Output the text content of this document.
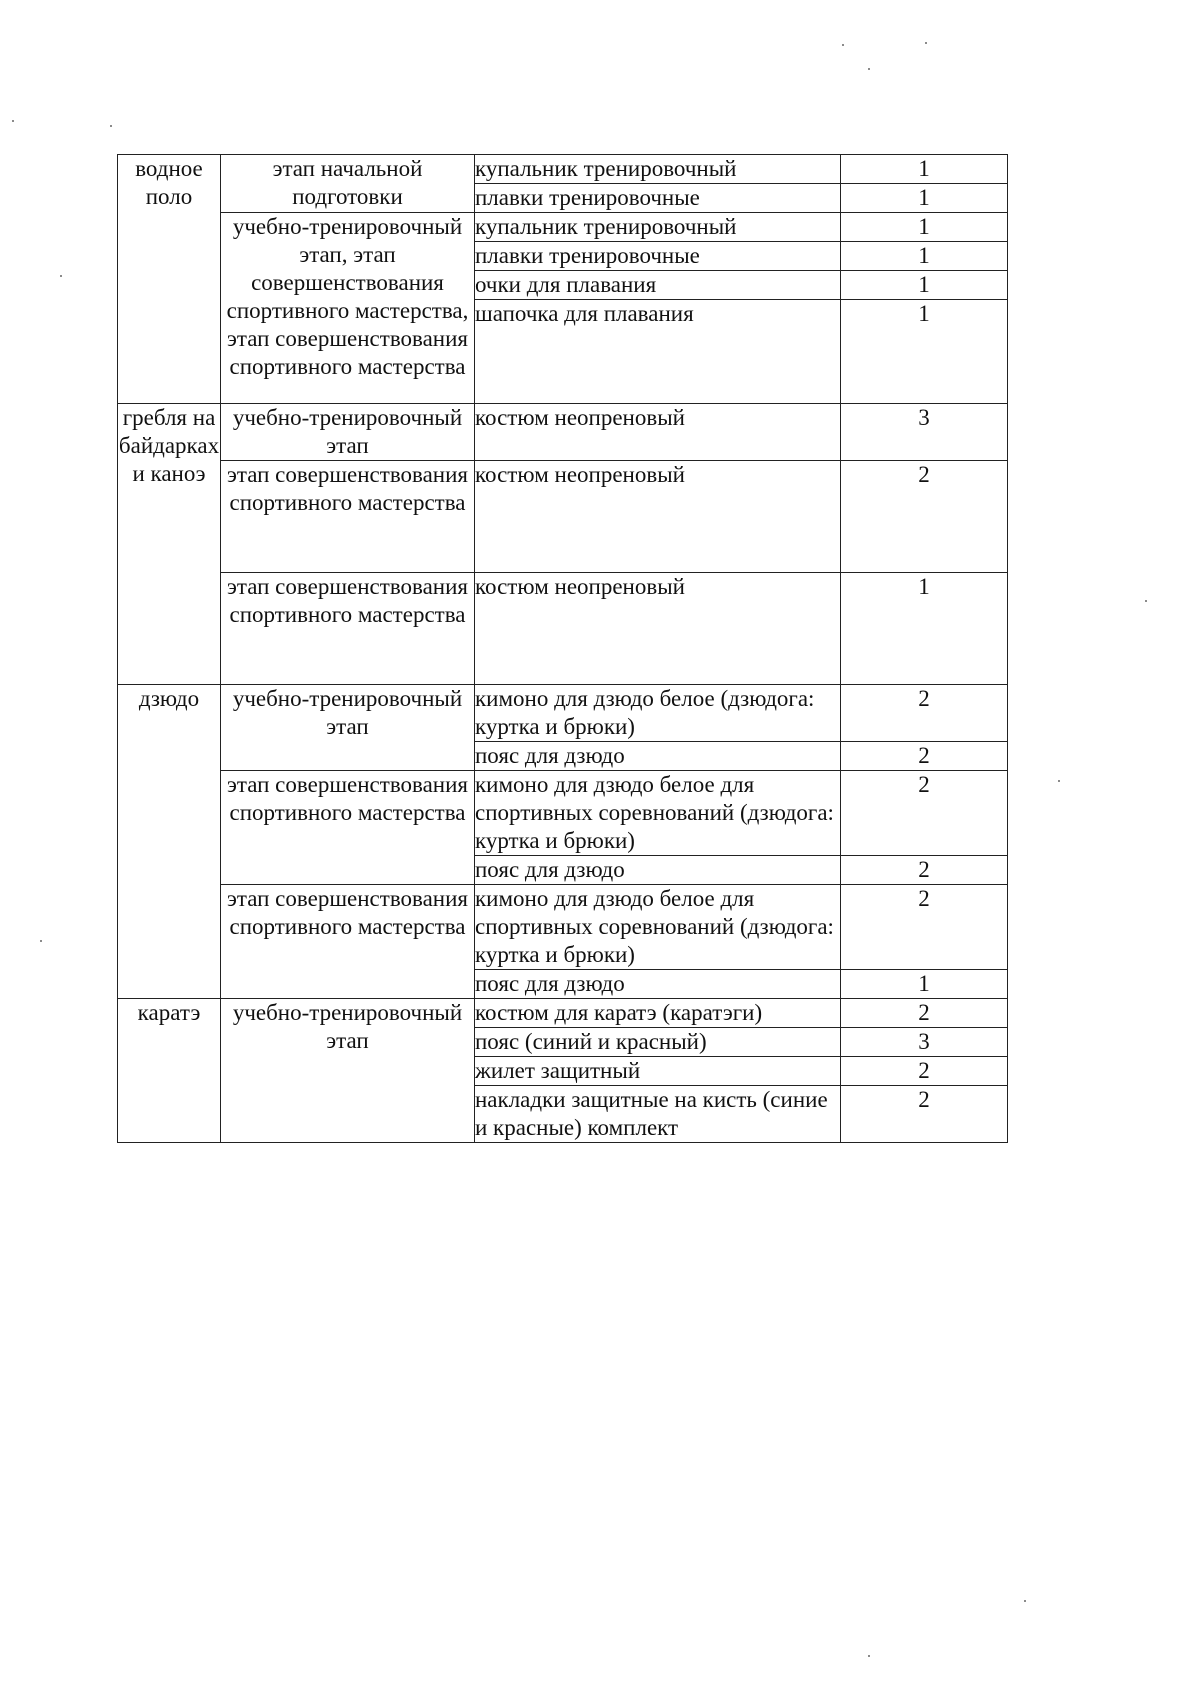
водное поло	этап начальной подготовки	купальник тренировочный	1
		плавки тренировочные	1
	учебно-тренировочный этап, этап совершенствования спортивного мастерства, этап совершенствования спортивного мастерства	купальник тренировочный	1
		плавки тренировочные	1
		очки для плавания	1
		шапочка для плавания	1
гребля на байдарках и каноэ	учебно-тренировочный этап	костюм неопреновый	3
	этап совершенствования спортивного мастерства	костюм неопреновый	2
	этап совершенствования спортивного мастерства	костюм неопреновый	1
дзюдо	учебно-тренировочный этап	кимоно для дзюдо белое (дзюдога: куртка и брюки)	2
		пояс для дзюдо	2
	этап совершенствования спортивного мастерства	кимоно для дзюдо белое для спортивных соревнований (дзюдога: куртка и брюки)	2
		пояс для дзюдо	2
	этап совершенствования спортивного мастерства	кимоно для дзюдо белое для спортивных соревнований (дзюдога: куртка и брюки)	2
		пояс для дзюдо	1
каратэ	учебно-тренировочный этап	костюм для каратэ (каратэги)	2
		пояс (синий и красный)	3
		жилет защитный	2
		накладки защитные на кисть (синие и красные) комплект	2
